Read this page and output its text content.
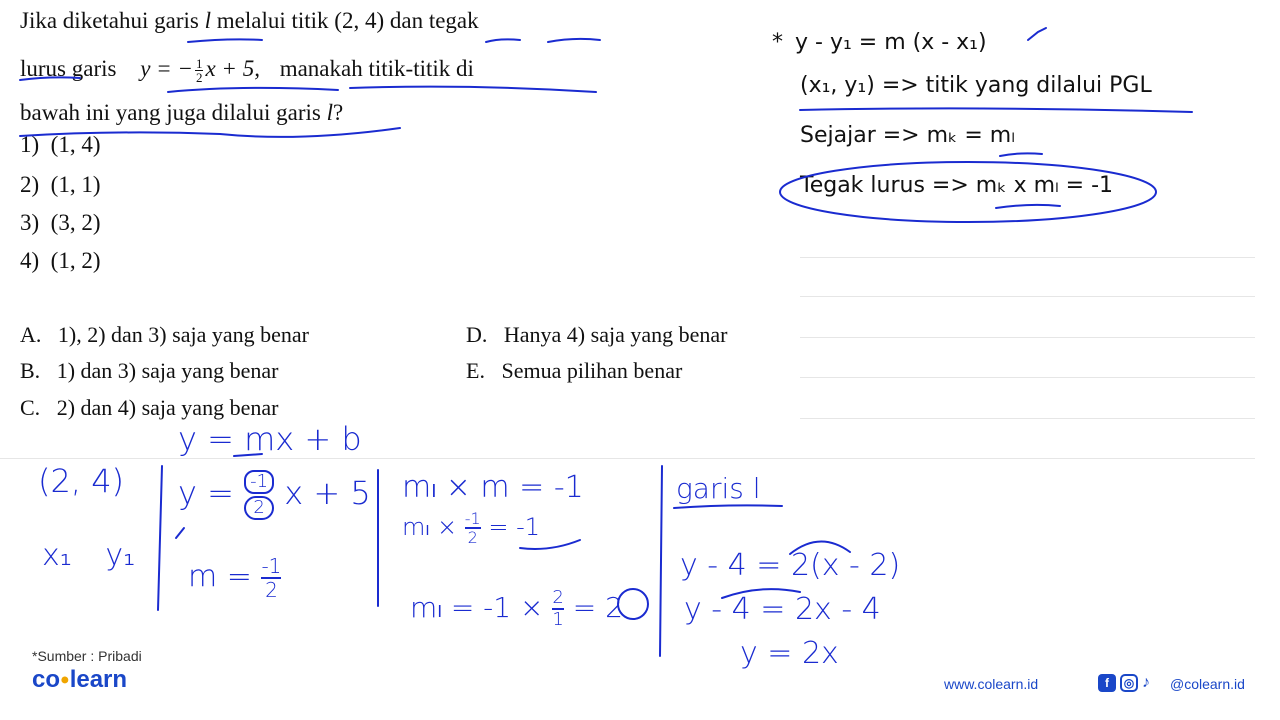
Jika diketahui garis l melalui titik (2, 4) dan tegak
lurus garis y = − $\frac{1}{2}$ x + 5, manakah titik-titik di
bawah ini yang juga dilalui garis l?
1) (1, 4)
2) (1, 1)
3) (3, 2)
4) (1, 2)
A. 1), 2) dan 3) saja yang benar
B. 1) dan 3) saja yang benar
C. 2) dan 4) saja yang benar
D. Hanya 4) saja yang benar
E. Semua pilihan benar
* y - y₁ = m (x - x₁)
(x₁, y₁) => titik yang dilalui PGL
Sejajar => mₖ = mₗ
Tegak lurus => mₖ x mₗ = -1
y = mx + b
(2, 4)
x₁ y₁
$y = \frac{-1}{2}$ x + 5
$m = \frac{-1}{2}$
mₗ × m = -1
$m_l \times \frac{-1}{2} = -1$
$m_l = -1 \times \frac{2}{1} = 2$
garis l
y - 4 = 2(x - 2)
y - 4 = 2x - 4
y = 2x
*Sumber : Pribadi
co●learn	www.colearn.id	f ◎ ♪ @colearn.id
